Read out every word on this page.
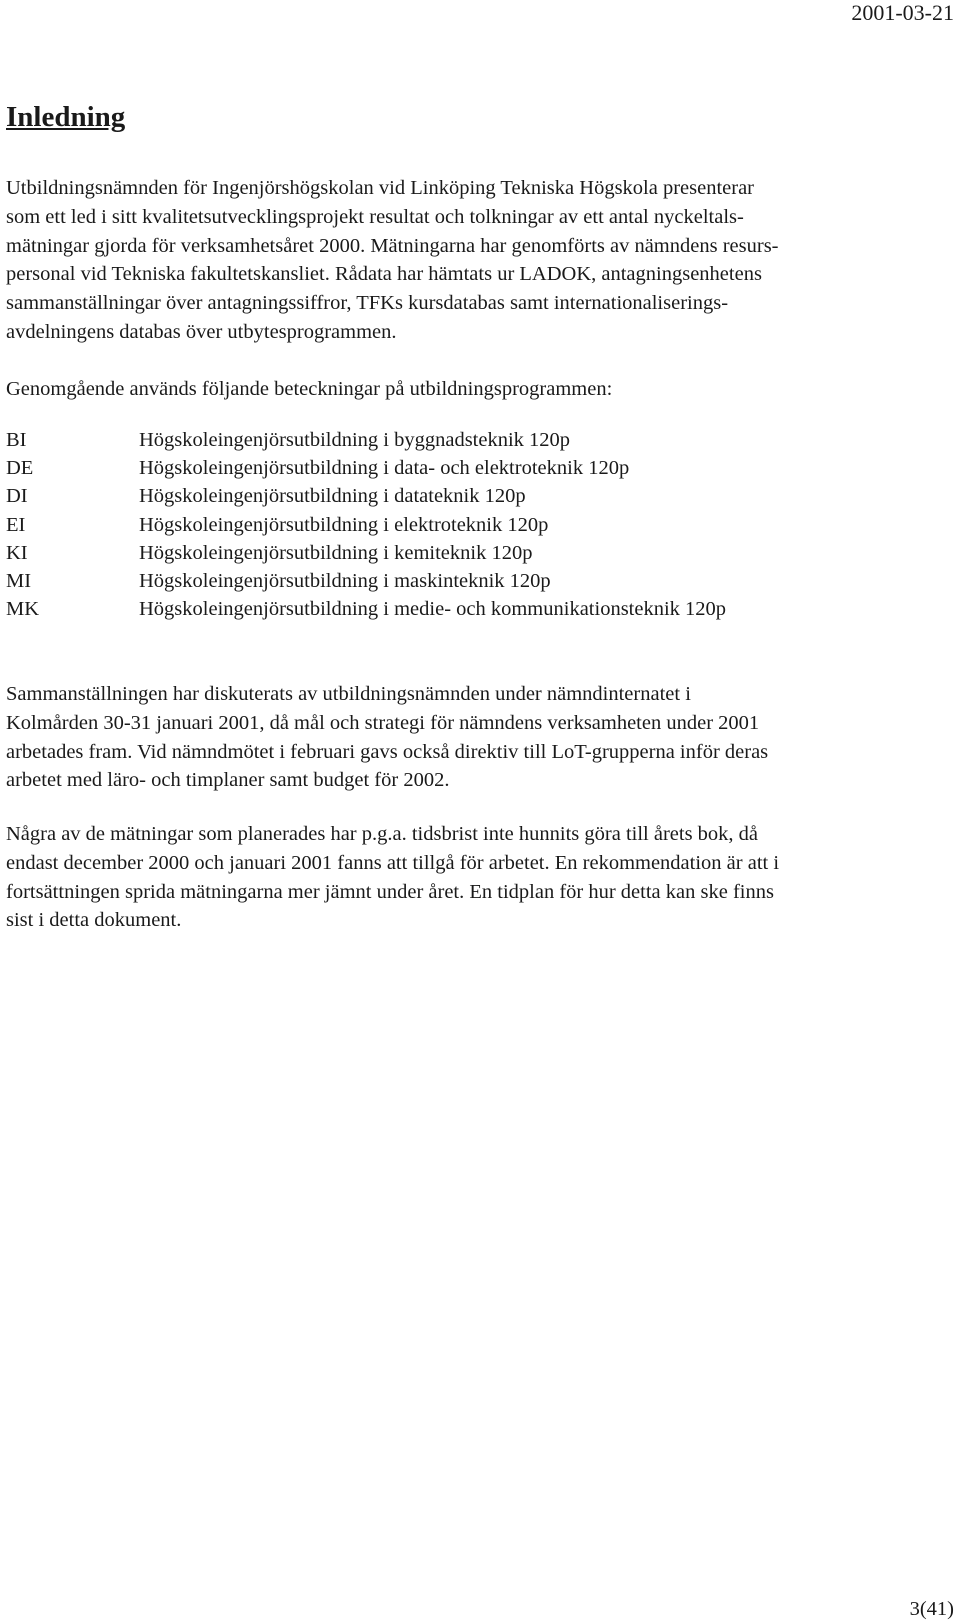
2001-03-21
Inledning

Utbildningsnämnden för Ingenjörshögskolan vid Linköping Tekniska Högskola presenterar
som ett led i sitt kvalitetsutvecklingsprojekt resultat och tolkningar av ett antal nyckeltals-
mätningar gjorda för verksamhetsåret 2000. Mätningarna har genomförts av nämndens resurs-
personal vid Tekniska fakultetskansliet. Rådata har hämtats ur LADOK, antagningsenhetens
sammanställningar över antagningssiffror, TFKs kursdatabas samt internationaliserings-
avdelningens databas över utbytesprogrammen.

Genomgående används följande beteckningar på utbildningsprogrammen:

BI	Högskoleingenjörsutbildning i byggnadsteknik 120p
DE	Högskoleingenjörsutbildning i data- och elektroteknik 120p
DI	Högskoleingenjörsutbildning i datateknik 120p
EI	Högskoleingenjörsutbildning i elektroteknik 120p
KI	Högskoleingenjörsutbildning i kemiteknik 120p
MI	Högskoleingenjörsutbildning i maskinteknik 120p
MK	Högskoleingenjörsutbildning i medie- och kommunikationsteknik 120p

Sammanställningen har diskuterats av utbildningsnämnden under nämndinternatet i
Kolmården 30-31 januari 2001, då mål och strategi för nämndens verksamheten under 2001
arbetades fram. Vid nämndmötet i februari gavs också direktiv till LoT-grupperna inför deras
arbetet med lärо- och timplaner samt budget för 2002.

Några av de mätningar som planerades har p.g.a. tidsbrist inte hunnits göra till årets bok, då
endast december 2000 och januari 2001 fanns att tillgå för arbetet. En rekommendation är att i
fortsättningen sprida mätningarna mer jämnt under året. En tidplan för hur detta kan ske finns
sist i detta dokument.

3(41)
